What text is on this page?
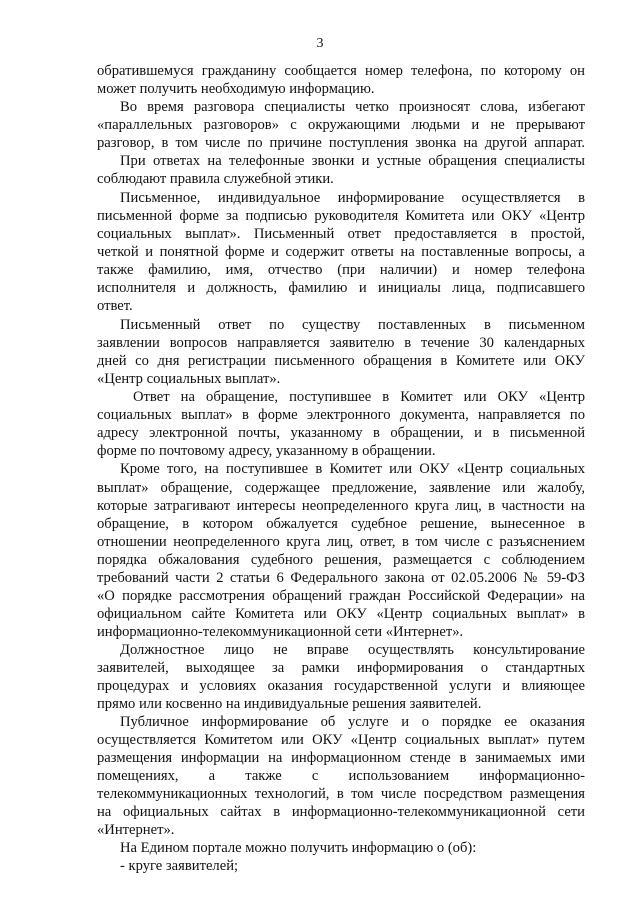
3
обратившемуся гражданину сообщается номер телефона, по которому он
может получить необходимую информацию.
Во время разговора специалисты четко произносят слова, избегают
«параллельных разговоров» с окружающими людьми и не прерывают
разговор, в том числе по причине поступления звонка на другой аппарат.
При ответах на телефонные звонки и устные обращения специалисты
соблюдают правила служебной этики.
Письменное, индивидуальное информирование осуществляется в
письменной форме за подписью руководителя Комитета или ОКУ «Центр
социальных выплат». Письменный ответ предоставляется в простой,
четкой и понятной форме и содержит ответы на поставленные вопросы, а
также фамилию, имя, отчество (при наличии) и номер телефона
исполнителя и должность, фамилию и инициалы лица, подписавшего
ответ.
Письменный ответ по существу поставленных в письменном
заявлении вопросов направляется заявителю в течение 30 календарных
дней со дня регистрации письменного обращения в Комитете или ОКУ
«Центр социальных выплат».
Ответ на обращение, поступившее в Комитет или ОКУ «Центр
социальных выплат» в форме электронного документа, направляется по
адресу электронной почты, указанному в обращении, и в письменной
форме по почтовому адресу, указанному в обращении.
Кроме того, на поступившее в Комитет или ОКУ «Центр социальных
выплат» обращение, содержащее предложение, заявление или жалобу,
которые затрагивают интересы неопределенного круга лиц, в частности на
обращение, в котором обжалуется судебное решение, вынесенное в
отношении неопределенного круга лиц, ответ, в том числе с разъяснением
порядка обжалования судебного решения, размещается с соблюдением
требований части 2 статьи 6 Федерального закона от 02.05.2006 № 59-ФЗ
«О порядке рассмотрения обращений граждан Российской Федерации» на
официальном сайте Комитета или ОКУ «Центр социальных выплат» в
информационно-телекоммуникационной сети «Интернет».
Должностное лицо не вправе осуществлять консультирование
заявителей, выходящее за рамки информирования о стандартных
процедурах и условиях оказания государственной услуги и влияющее
прямо или косвенно на индивидуальные решения заявителей.
Публичное информирование об услуге и о порядке ее оказания
осуществляется Комитетом или ОКУ «Центр социальных выплат» путем
размещения информации на информационном стенде в занимаемых ими
помещениях, а также с использованием информационно-
телекоммуникационных технологий, в том числе посредством размещения
на официальных сайтах в информационно-телекоммуникационной сети
«Интернет».
На Едином портале можно получить информацию о (об):
- круге заявителей;
